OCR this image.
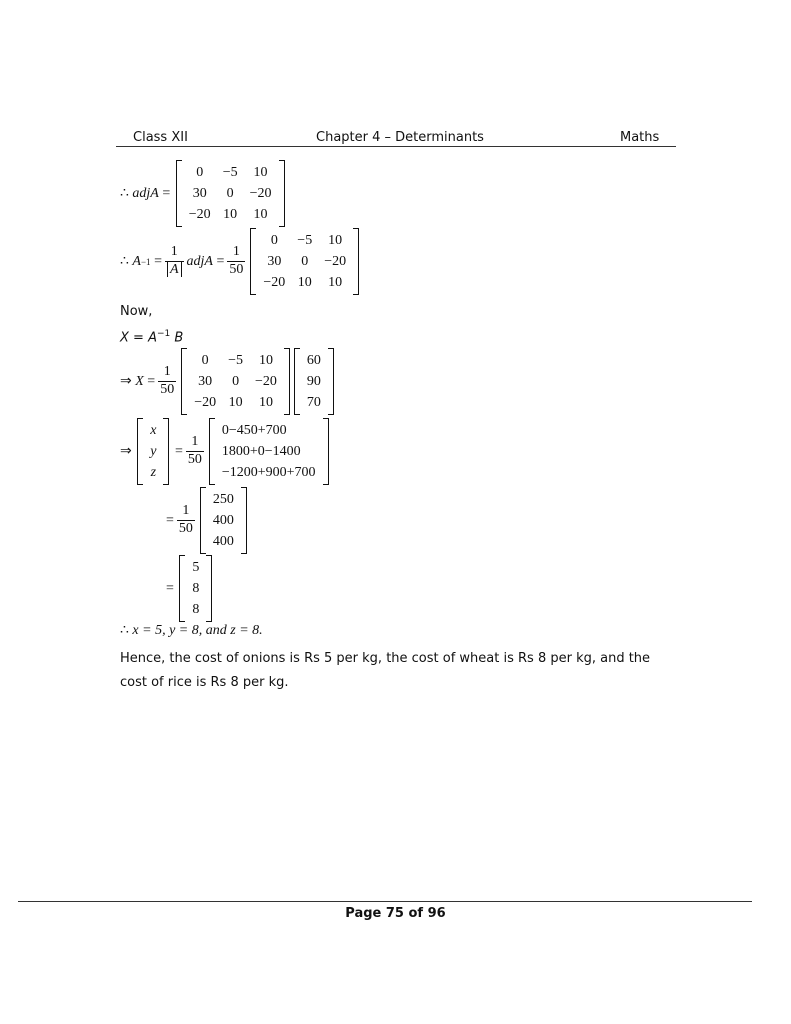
Class XII	Chapter 4 – Determinants	Maths
∴
adjA =
0	−5	10
30	0	−20
−20	10	10
∴
$A -1 = \frac{1}{A}$ adjA = $\frac{1}{50}$
0	−5	10
30	0	−20
−20	10	10
Now,
$X = A^{-1}$ B
⇒
$X = \frac{1}{50}$
0	−5	10
30	0	−20
−20	10	10
60
90
70
⇒

x
y
z
= $\frac{1}{50}$
0−450+700
1800+0−1400
−1200+900+700
= $\frac{1}{50}$
250
400
400
=
5
8
8
∴ x = 5, y = 8, and z = 8.
Hence, the cost of onions is Rs 5 per kg, the cost of wheat is Rs 8 per kg, and the cost of rice is Rs 8 per kg.
Page 75 of 96
